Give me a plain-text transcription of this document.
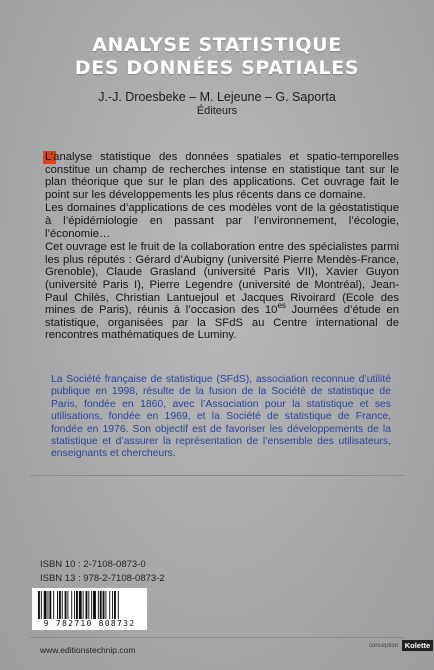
ANALYSE STATISTIQUE
DES DONNÉES SPATIALES
J.-J. Droesbeke – M. Lejeune – G. Saporta
Éditeurs

L’analyse statistique des données spatiales et spatio-temporelles constitue un champ de recherches intense en statistique tant sur le plan théorique que sur le plan des applications. Cet ouvrage fait le point sur les développements les plus récents dans ce domaine.

Les domaines d’applications de ces modèles vont de la géostatistique à l’épidémiologie en passant par l’environnement, l’écologie, l’économie…

Cet ouvrage est le fruit de la collaboration entre des spécialistes parmi les plus réputés : Gérard d’Aubigny (université Pierre Mendès-France, Grenoble), Claude Grasland (université Paris VII), Xavier Guyon (université Paris I), Pierre Legendre (université de Montréal), Jean-Paul Chilès, Christian Lantuejoul et Jacques Rivoirard (Ecole des mines de Paris), réunis à l’occasion des $10^{es}$ Journées d’étude en statistique, organisées par la SFdS au Centre international de rencontres mathématiques de Luminy.

La Société française de statistique (SFdS), association reconnue d’utilité publique en 1998, résulte de la fusion de la Société de statistique de Paris, fondée en 1860, avec l’Association pour la statistique et ses utilisations, fondée en 1969, et la Société de statistique de France, fondée en 1976. Son objectif est de favoriser les développements de la statistique et d’assurer la représentation de l’ensemble des utilisateurs, enseignants et chercheurs.
ISBN 10 : 2-7108-0873-0
ISBN 13 : 978-2-7108-0873-2
9 782710 808732
www.editionstechnip.com	conception Kolette
